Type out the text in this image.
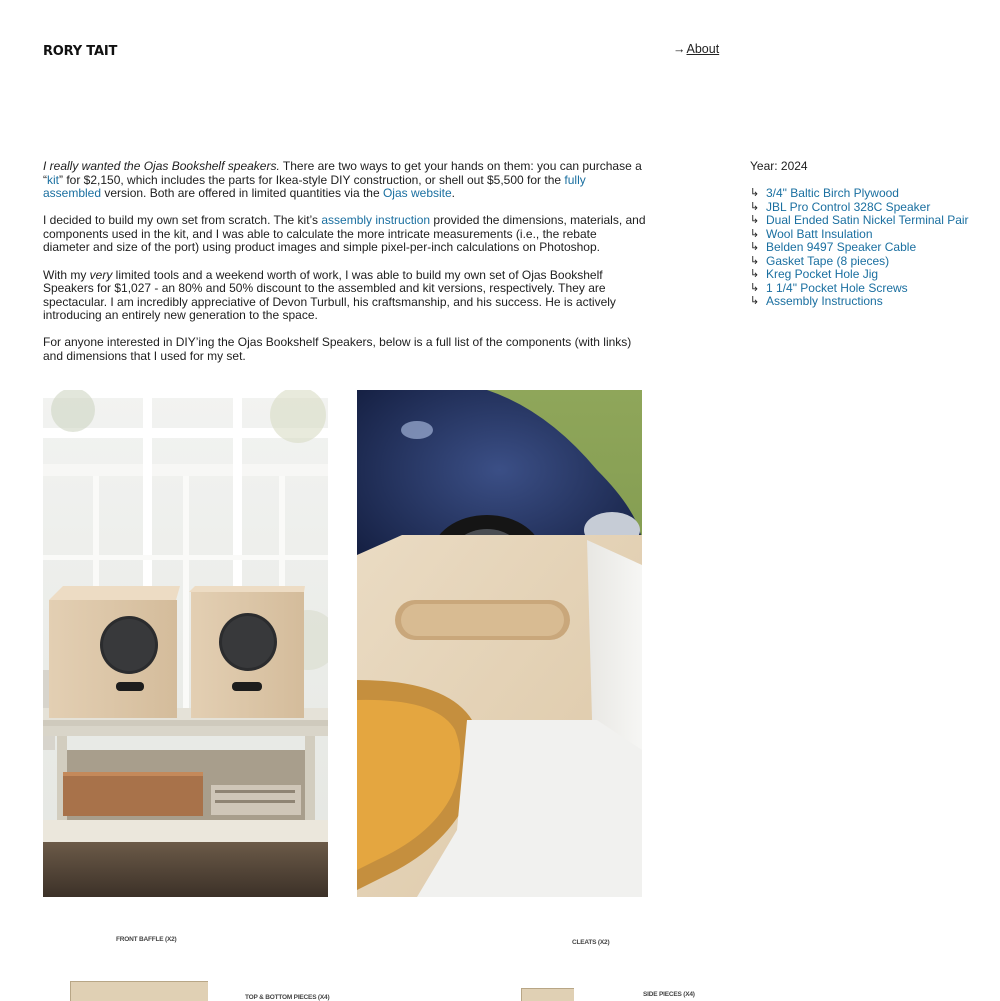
RORY TAIT	→About

I really wanted the Ojas Bookshelf speakers. There are two ways to get your hands on them: you can purchase a “kit” for $2,150, which includes the parts for Ikea-style DIY construction, or shell out $5,500 for the fully assembled version. Both are offered in limited quantities via the Ojas website.

I decided to build my own set from scratch. The kit’s assembly instruction provided the dimensions, materials, and components used in the kit, and I was able to calculate the more intricate measurements (i.e., the rebate diameter and size of the port) using product images and simple pixel-per-inch calculations on Photoshop.

With my very limited tools and a weekend worth of work, I was able to build my own set of Ojas Bookshelf Speakers for $1,027 - an 80% and 50% discount to the assembled and kit versions, respectively. They are spectacular. I am incredibly appreciative of Devon Turbull, his craftsmanship, and his success. He is actively introducing an entirely new generation to the space.

For anyone interested in DIY’ing the Ojas Bookshelf Speakers, below is a full list of the components (with links) and dimensions that I used for my set.

Year: 2024
↳ 3/4" Baltic Birch Plywood
↳ JBL Pro Control 328C Speaker
↳ Dual Ended Satin Nickel Terminal Pair
↳ Wool Batt Insulation
↳ Belden 9497 Speaker Cable
↳ Gasket Tape (8 pieces)
↳ Kreg Pocket Hole Jig
↳ 1 1/4" Pocket Hole Screws
↳ Assembly Instructions
FRONT BAFFLE (X2)	CLEATS (X2)
TOP & BOTTOM PIECES (X4)	SIDE PIECES (X4)
